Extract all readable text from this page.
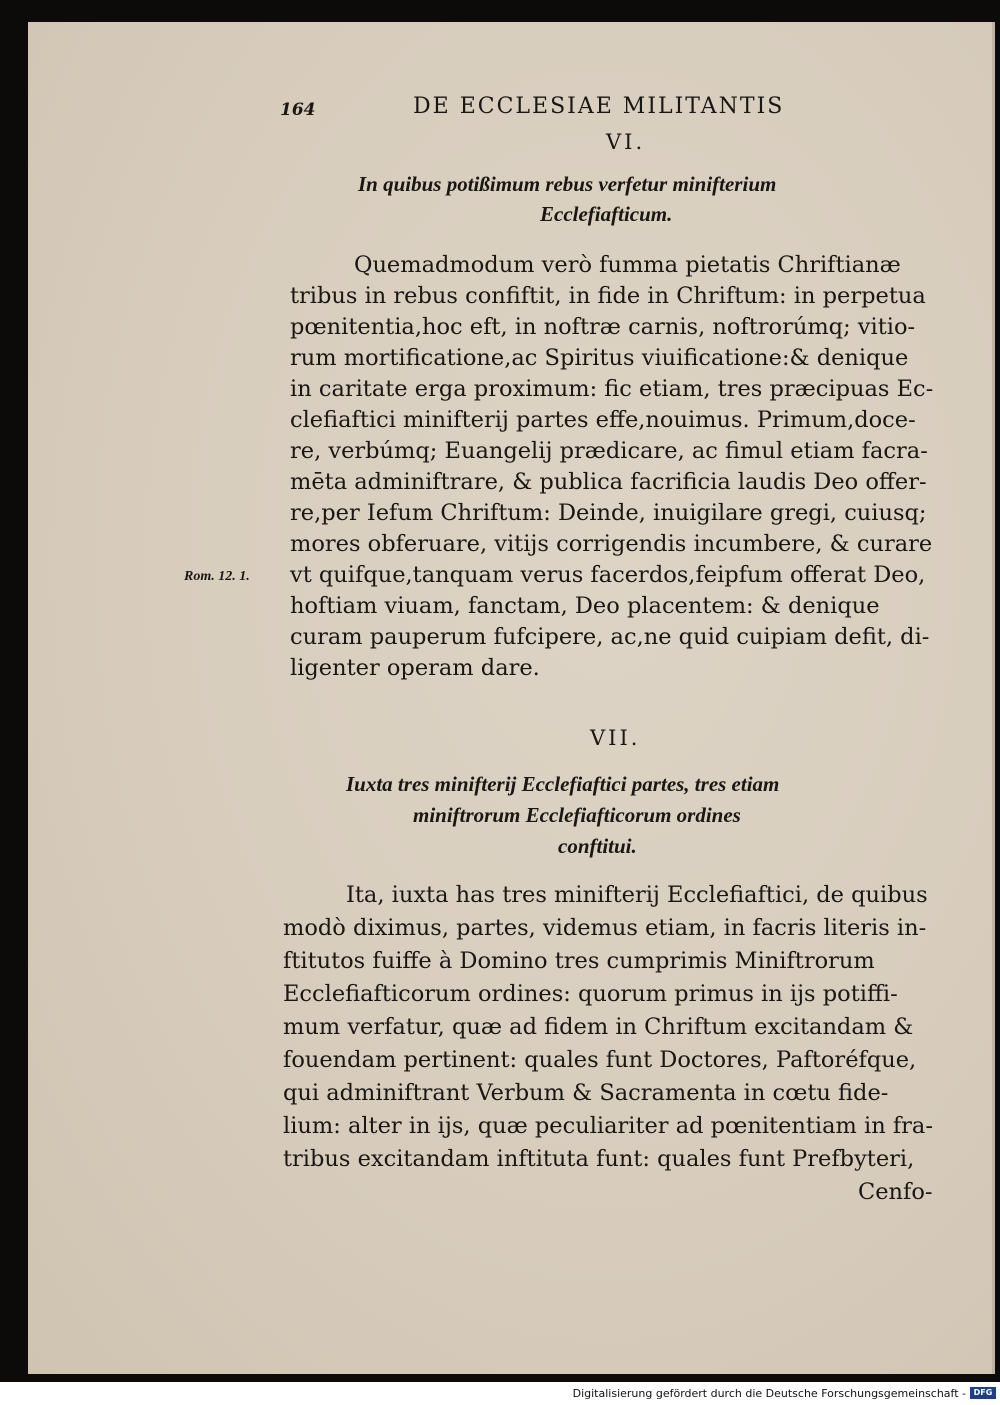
164	DE ECCLESIAE MILITANTIS
VI.
In quibus potißimum rebus verfetur minifterium
Ecclefiafticum.
Quemadmodum verò fumma pietatis Chriftianæ
tribus in rebus confiftit, in fide in Chriftum: in perpetua
pœnitentia,hoc eft, in noftræ carnis, noftrorúmq; vitio-
rum mortificatione,ac Spiritus viuificatione:& denique
in caritate erga proximum: fic etiam, tres præcipuas Ec-
clefiaftici minifterij partes effe,nouimus. Primum,doce-
re, verbúmq; Euangelij prædicare, ac fimul etiam facra-
mēta adminiftrare, & publica facrificia laudis Deo offer-
re,per Iefum Chriftum: Deinde, inuigilare gregi, cuiusq;
mores obferuare, vitijs corrigendis incumbere, & curare
vt quifque,tanquam verus facerdos,feipfum offerat Deo,
hoftiam viuam, fanctam, Deo placentem: & denique
curam pauperum fufcipere, ac,ne quid cuipiam defit, di-
ligenter operam dare.
Rom. 12. 1.
VII.
Iuxta tres minifterij Ecclefiaftici partes, tres etiam
miniftrorum Ecclefiafticorum ordines
conftitui.
Ita, iuxta has tres minifterij Ecclefiaftici, de quibus
modò diximus, partes, videmus etiam, in facris literis in-
ftitutos fuiffe à Domino tres cumprimis Miniftrorum
Ecclefiafticorum ordines: quorum primus in ijs potiffi-
mum verfatur, quæ ad fidem in Chriftum excitandam &
fouendam pertinent: quales funt Doctores, Paftoréfque,
qui adminiftrant Verbum & Sacramenta in cœtu fide-
lium: alter in ijs, quæ peculiariter ad pœnitentiam in fra-
tribus excitandam inftituta funt: quales funt Prefbyteri,
Cenfo-
Digitalisierung gefördert durch die Deutsche Forschungsgemeinschaft - DFG
